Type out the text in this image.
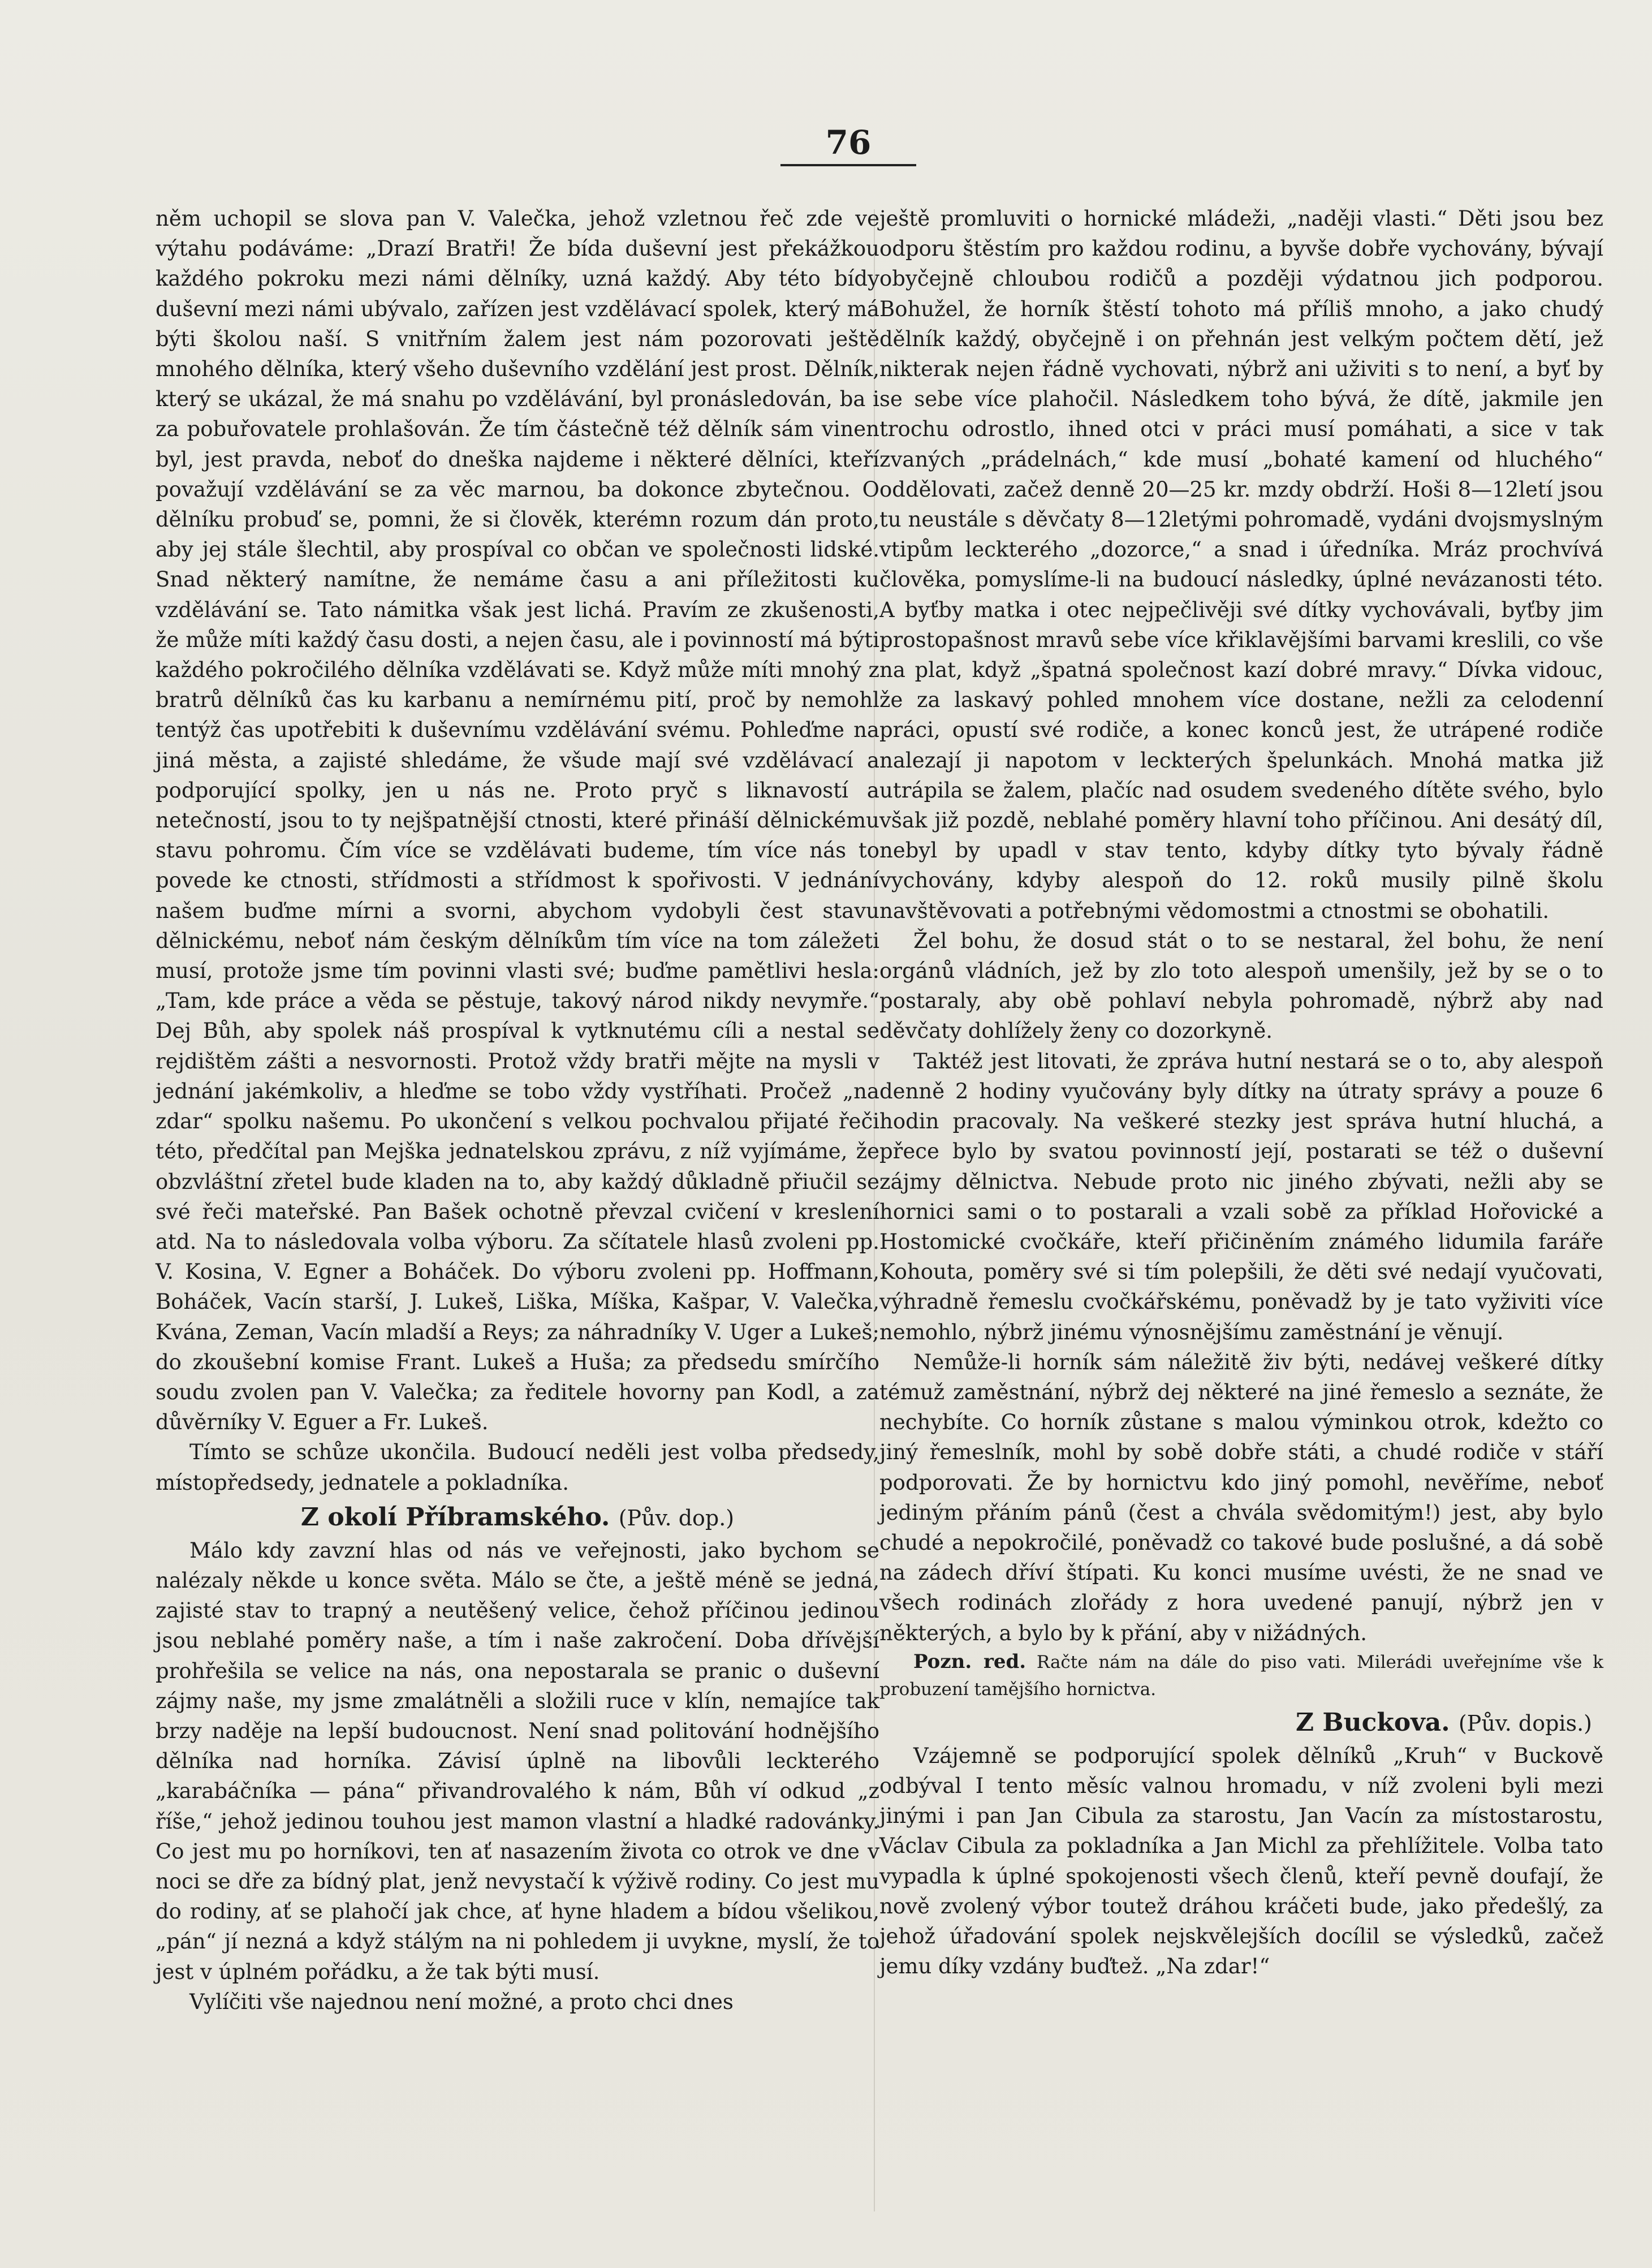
76

něm uchopil se slova pan V. Valečka, jehož vzletnou řeč zde ve výtahu podáváme: „Drazí Bratři! Že bída duševní jest překážkou každého pokroku mezi námi dělníky, uzná každý. Aby této bídy duševní mezi námi ubývalo, zařízen jest vzdělávací spolek, který má býti školou naší. S vnitřním žalem jest nám pozorovati ještě mnohého dělníka, který všeho duševního vzdělání jest prost. Dělník, který se ukázal, že má snahu po vzdělávání, byl pronásledován, ba i za pobuřovatele prohlašován. Že tím částečně též dělník sám vinen byl, jest pravda, neboť do dneška najdeme i některé dělníci, kteří považují vzdělávání se za věc marnou, ba dokonce zbytečnou. O dělníku probuď se, pomni, že si člověk, kterémn rozum dán proto, aby jej stále šlechtil, aby prospíval co občan ve společnosti lidské. Snad některý namítne, že nemáme času a ani příležitosti ku vzdělávání se. Tato námitka však jest lichá. Pravím ze zkušenosti, že může míti každý času dosti, a nejen času, ale i povinností má býti každého pokročilého dělníka vzdělávati se. Když může míti mnohý z bratrů dělníků čas ku karbanu a nemírnému pití, proč by nemohl tentýž čas upotřebiti k duševnímu vzdělávání svému. Pohleďme na jiná města, a zajisté shledáme, že všude mají své vzdělávací a podporující spolky, jen u nás ne. Proto pryč s liknavostí a netečností, jsou to ty nejšpatnější ctnosti, které přináší dělnickému stavu pohromu. Čím více se vzdělávati budeme, tím více nás to povede ke ctnosti, střídmosti a střídmost k spořivosti. V jednání našem buďme mírni a svorni, abychom vydobyli čest stavu dělnickému, neboť nám českým dělníkům tím více na tom záležeti musí, protože jsme tím povinni vlasti své; buďme pamětlivi hesla: „Tam, kde práce a věda se pěstuje, takový národ nikdy nevymře.“ Dej Bůh, aby spolek náš prospíval k vytknutému cíli a nestal se rejdištěm zášti a nesvornosti. Protož vždy bratři mějte na mysli v jednání jakémkoliv, a hleďme se tobo vždy vystříhati. Pročež „na zdar“ spolku našemu. Po ukončení s velkou pochvalou přijaté řeči této, předčítal pan Mejška jednatelskou zprávu, z níž vyjímáme, že obzvláštní zřetel bude kladen na to, aby každý důkladně přiučil se své řeči mateřské. Pan Bašek ochotně převzal cvičení v kreslení atd. Na to následovala volba výboru. Za sčítatele hlasů zvoleni pp. V. Kosina, V. Egner a Boháček. Do výboru zvoleni pp. Hoffmann, Boháček, Vacín starší, J. Lukeš, Liška, Míška, Kašpar, V. Valečka, Kvána, Zeman, Vacín mladší a Reys; za náhradníky V. Uger a Lukeš; do zkoušební komise Frant. Lukeš a Huša; za předsedu smírčího soudu zvolen pan V. Valečka; za ředitele hovorny pan Kodl, a za důvěrníky V. Eguer a Fr. Lukeš.

Tímto se schůze ukončila. Budoucí neděli jest volba předsedy, místopředsedy, jednatele a pokladníka.

Z okolí Příbramského. (Pův. dop.)

Málo kdy zavzní hlas od nás ve veřejnosti, jako bychom se nalézaly někde u konce světa. Málo se čte, a ještě méně se jedná, zajisté stav to trapný a neutěšený velice, čehož příčinou jedinou jsou neblahé poměry naše, a tím i naše zakročení. Doba dřívější prohřešila se velice na nás, ona nepostarala se pranic o duševní zájmy naše, my jsme zmalátněli a složili ruce v klín, nemajíce tak brzy naděje na lepší budoucnost. Není snad politování hodnějšího dělníka nad horníka. Závisí úplně na libovůli leckterého „karabáčníka — pána“ přivandrovalého k nám, Bůh ví odkud „z říše,“ jehož jedinou touhou jest mamon vlastní a hladké radovánky. Co jest mu po horníkovi, ten ať nasazením života co otrok ve dne v noci se dře za bídný plat, jenž nevystačí k výživě rodiny. Co jest mu do rodiny, ať se plahočí jak chce, ať hyne hladem a bídou všelikou, „pán“ jí nezná a když stálým na ni pohledem ji uvykne, myslí, že to jest v úplném pořádku, a že tak býti musí.

Vylíčiti vše najednou není možné, a proto chci dnes

ještě promluviti o hornické mládeži, „naději vlasti.“ Děti jsou bez odporu štěstím pro každou rodinu, a byvše dobře vychovány, bývají obyčejně chloubou rodičů a později výdatnou jich podporou. Bohužel, že horník štěstí tohoto má příliš mnoho, a jako chudý dělník každý, obyčejně i on přehnán jest velkým počtem dětí, jež nikterak nejen řádně vychovati, nýbrž ani uživiti s to není, a byť by se sebe více plahočil. Následkem toho bývá, že dítě, jakmile jen trochu odrostlo, ihned otci v práci musí pomáhati, a sice v tak zvaných „prádelnách,“ kde musí „bohaté kamení od hluchého“ oddělovati, začež denně 20—25 kr. mzdy obdrží. Hoši 8—12letí jsou tu neustále s děvčaty 8—12letými pohromadě, vydáni dvojsmyslným vtipům leckterého „dozorce,“ a snad i úředníka. Mráz prochvívá člověka, pomyslíme-li na budoucí následky, úplné nevázanosti této. A byťby matka i otec nejpečlivěji své dítky vychovávali, byťby jim prostopašnost mravů sebe více křiklavějšími barvami kreslili, co vše na plat, když „špatná společnost kazí dobré mravy.“ Dívka vidouc, že za laskavý pohled mnohem více dostane, nežli za celodenní práci, opustí své rodiče, a konec konců jest, že utrápené rodiče nalezají ji napotom v leckterých špelunkách. Mnohá matka již utrápila se žalem, plačíc nad osudem svedeného dítěte svého, bylo však již pozdě, neblahé poměry hlavní toho příčinou. Ani desátý díl, nebyl by upadl v stav tento, kdyby dítky tyto bývaly řádně vychovány, kdyby alespoň do 12. roků musily pilně školu navštěvovati a potřebnými vědomostmi a ctnostmi se obohatili.

Žel bohu, že dosud stát o to se nestaral, žel bohu, že není orgánů vládních, jež by zlo toto alespoň umenšily, jež by se o to postaraly, aby obě pohlaví nebyla pohromadě, nýbrž aby nad děvčaty dohlížely ženy co dozorkyně.

Taktéž jest litovati, že zpráva hutní nestará se o to, aby alespoň denně 2 hodiny vyučovány byly dítky na útraty správy a pouze 6 hodin pracovaly. Na veškeré stezky jest správa hutní hluchá, a přece bylo by svatou povinností její, postarati se též o duševní zájmy dělnictva. Nebude proto nic jiného zbývati, nežli aby se hornici sami o to postarali a vzali sobě za příklad Hořovické a Hostomické cvočkáře, kteří přičiněním známého lidumila faráře Kohouta, poměry své si tím polepšili, že děti své nedají vyučovati, výhradně řemeslu cvočkářskému, poněvadž by je tato vyživiti více nemohlo, nýbrž jinému výnosnějšímu zaměstnání je věnují.

Nemůže-li horník sám náležitě živ býti, nedávej veškeré dítky témuž zaměstnání, nýbrž dej některé na jiné řemeslo a seznáte, že nechybíte. Co horník zůstane s malou výminkou otrok, kdežto co jiný řemeslník, mohl by sobě dobře státi, a chudé rodiče v stáří podporovati. Že by hornictvu kdo jiný pomohl, nevěříme, neboť jediným přáním pánů (čest a chvála svědomitým!) jest, aby bylo chudé a nepokročilé, poněvadž co takové bude poslušné, a dá sobě na zádech dříví štípati. Ku konci musíme uvésti, že ne snad ve všech rodinách zlořády z hora uvedené panují, nýbrž jen v některých, a bylo by k přání, aby v nižádných.

Pozn. red. Račte nám na dále do piso vati. Milerádi uveřejníme vše k probuzení tamějšího hornictva.

Z Buckova. (Pův. dopis.)

Vzájemně se podporující spolek dělníků „Kruh“ v Buckově odbýval I tento měsíc valnou hromadu, v níž zvoleni byli mezi jinými i pan Jan Cibula za starostu, Jan Vacín za místostarostu, Václav Cibula za pokladníka a Jan Michl za přehlížitele. Volba tato vypadla k úplné spokojenosti všech členů, kteří pevně doufají, že nově zvolený výbor toutež dráhou kráčeti bude, jako předešlý, za jehož úřadování spolek nejskvělejších docílil se výsledků, začež jemu díky vzdány buďtež. „Na zdar!“
